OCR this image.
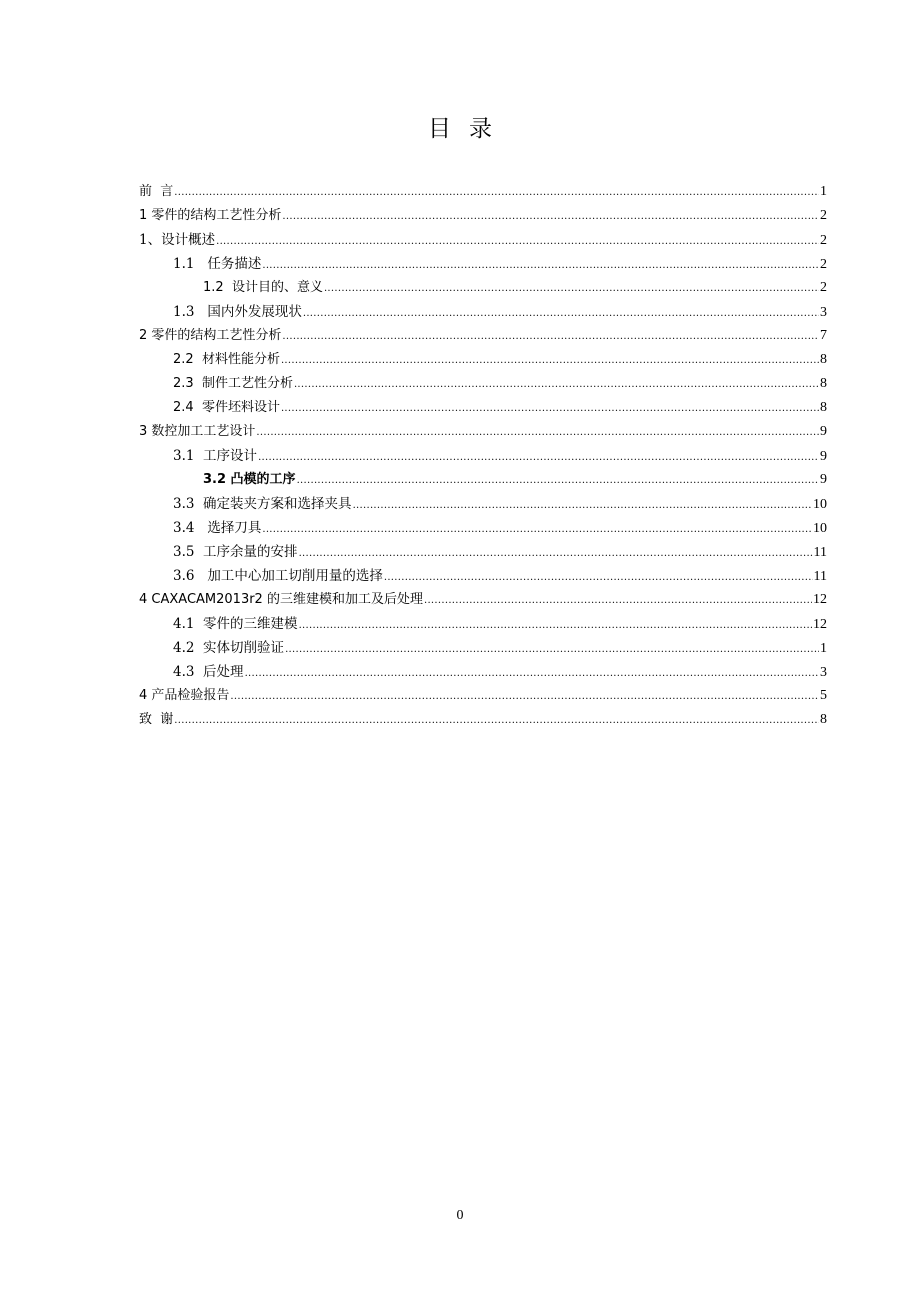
目录
前  言 .....	1
1 零件的结构工艺性分析 .....	2
1、设计概述 .....	2
1.1   任务描述 .....	2
1.2  设计目的、意义 .....	2
1.3   国内外发展现状 .....	3
2 零件的结构工艺性分析 .....	7
2.2  材料性能分析 .....	8
2.3  制件工艺性分析 .....	8
2.4  零件坯料设计 .....	8
3 数控加工工艺设计 .....	9
3.1  工序设计 .....	9
3.2 凸模的工序 .....	9
3.3  确定装夹方案和选择夹具 .....	10
3.4   选择刀具 .....	10
3.5  工序余量的安排 .....	11
3.6   加工中心加工切削用量的选择 .....	11
4 CAXACAM2013r2 的三维建模和加工及后处理 .....	12
4.1  零件的三维建模 .....	12
4.2  实体切削验证 .....	1
4.3  后处理 .....	3
4 产品检验报告 .....	5
致  谢 .....	8
0
